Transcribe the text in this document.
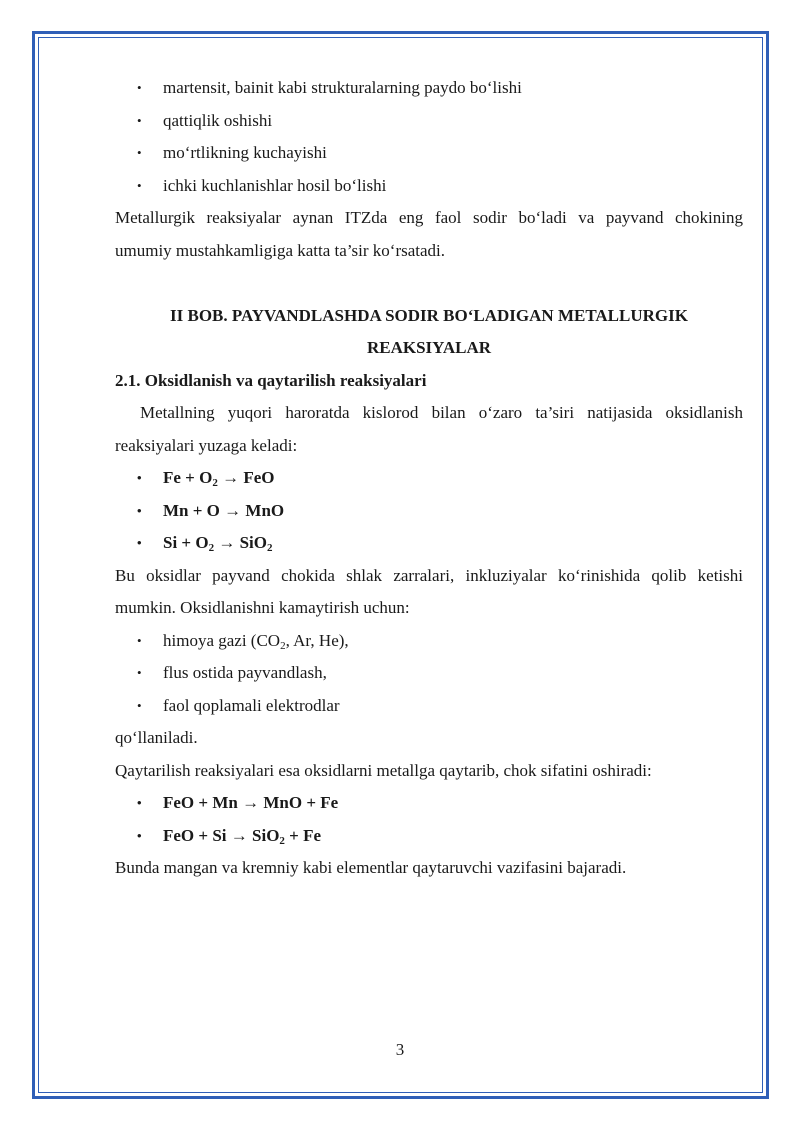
• martensit, bainit kabi strukturalarning paydo bo‘lishi
• qattiqlik oshishi
• mo‘rtlikning kuchayishi
• ichki kuchlanishlar hosil bo‘lishi
Metallurgik reaksiyalar aynan ITZda eng faol sodir bo‘ladi va payvand chokining
umumiy mustahkamligiga katta ta’sir ko‘rsatadi.
II BOB. PAYVANDLASHDA SODIR BO‘LADIGAN METALLURGIK
REAKSIYALAR
2.1. Oksidlanish va qaytarilish reaksiyalari
Metallning yuqori haroratda kislorod bilan o‘zaro ta’siri natijasida oksidlanish
reaksiyalari yuzaga keladi:
• $Fe + O_2$ → FeO
• Mn + O → MnO
• $Si + O_2 \to SiO_2$
Bu oksidlar payvand chokida shlak zarralari, inkluziyalar ko‘rinishida qolib ketishi
mumkin. Oksidlanishni kamaytirish uchun:
• himoya gazi ($CO_2$, Ar, He),
• flus ostida payvandlash,
• faol qoplamali elektrodlar
qo‘llaniladi.
Qaytarilish reaksiyalari esa oksidlarni metallga qaytarib, chok sifatini oshiradi:
• FeO + Mn → MnO + Fe
• FeO + Si → SiO$_2$ + Fe
Bunda mangan va kremniy kabi elementlar qaytaruvchi vazifasini bajaradi.
3
